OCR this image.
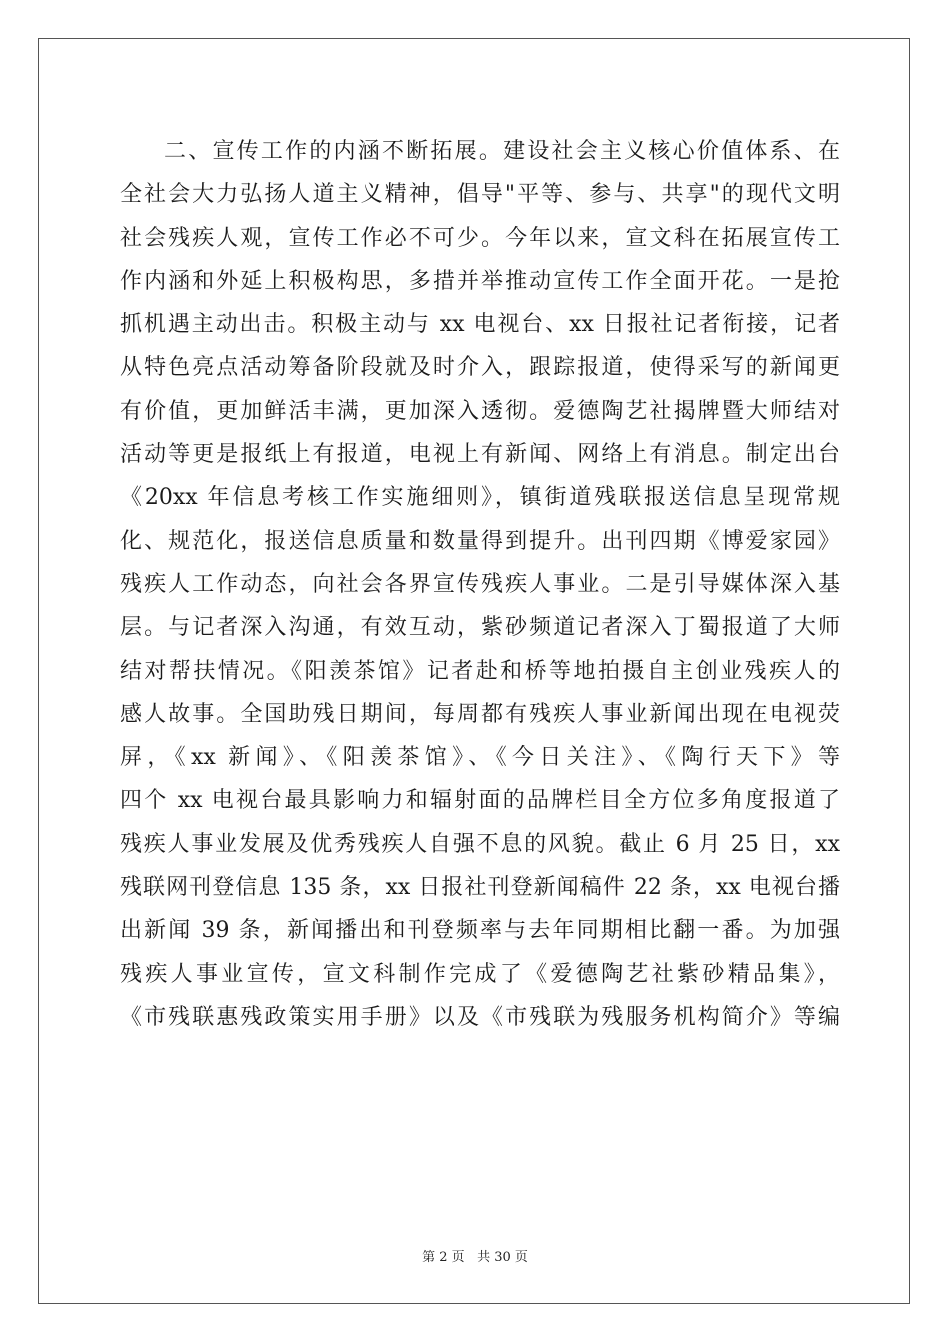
二、宣传工作的内涵不断拓展。建设社会主义核心价值体系、在
全社会大力弘扬人道主义精神，倡导"平等、参与、共享"的现代文明
社会残疾人观，宣传工作必不可少。今年以来，宣文科在拓展宣传工
作内涵和外延上积极构思，多措并举推动宣传工作全面开花。一是抢
抓机遇主动出击。积极主动与 xx 电视台、xx 日报社记者衔接，记者
从特色亮点活动筹备阶段就及时介入，跟踪报道，使得采写的新闻更
有价值，更加鲜活丰满，更加深入透彻。爱德陶艺社揭牌暨大师结对
活动等更是报纸上有报道，电视上有新闻、网络上有消息。制定出台
《20xx 年信息考核工作实施细则》，镇街道残联报送信息呈现常规
化、规范化，报送信息质量和数量得到提升。出刊四期《博爱家园》
残疾人工作动态，向社会各界宣传残疾人事业。二是引导媒体深入基
层。与记者深入沟通，有效互动，紫砂频道记者深入丁蜀报道了大师
结对帮扶情况。《阳羡茶馆》记者赴和桥等地拍摄自主创业残疾人的
感人故事。全国助残日期间，每周都有残疾人事业新闻出现在电视荧
屏，《xx 新闻》、《阳羡茶馆》、《今日关注》、《陶行天下》等
四个 xx 电视台最具影响力和辐射面的品牌栏目全方位多角度报道了
残疾人事业发展及优秀残疾人自强不息的风貌。截止 6 月 25 日，xx
残联网刊登信息 135 条，xx 日报社刊登新闻稿件 22 条，xx 电视台播
出新闻 39 条，新闻播出和刊登频率与去年同期相比翻一番。为加强
残疾人事业宣传，宣文科制作完成了《爱德陶艺社紫砂精品集》，
《市残联惠残政策实用手册》以及《市残联为残服务机构简介》等编
第 2 页 共 30 页
